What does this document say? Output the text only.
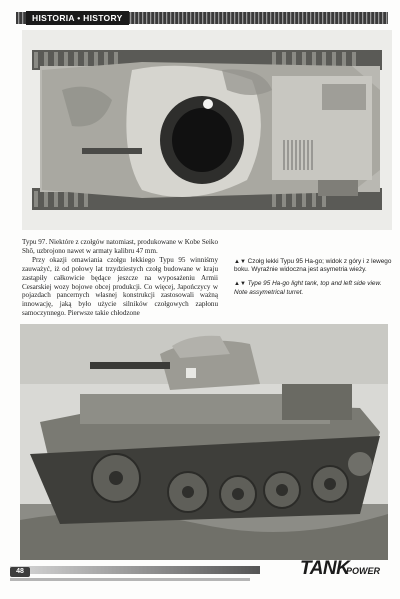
HISTORIA • HISTORY

Typu 97. Niektóre z czołgów natomiast, produkowane w Kobe Seiko Shō, uzbrojono nawet w armaty kalibru 47 mm.

Przy okazji omawiania czołgu lekkiego Typu 95 winniśmy zauważyć, iż od połowy lat trzydziestych czołg budowane w kraju zastąpiły całkowicie będące jeszcze na wyposażeniu Armii Cesarskiej wozy bojowe obcej produkcji. Co więcej, Japończycy w pojazdach pancernych własnej konstrukcji zastosowali ważną innowację, jaką było użycie silników czołgowych zapłonu samoczynnego. Pierwsze takie chłodzone

▲▼ Czołg lekki Typu 95 Ha-go; widok z góry i z lewego boku. Wyraźnie widoczna jest asymetria wieży.

▲▼ Type 95 Ha-go light tank, top and left side view. Note assymetrical turret.

48	TANK
POWER
